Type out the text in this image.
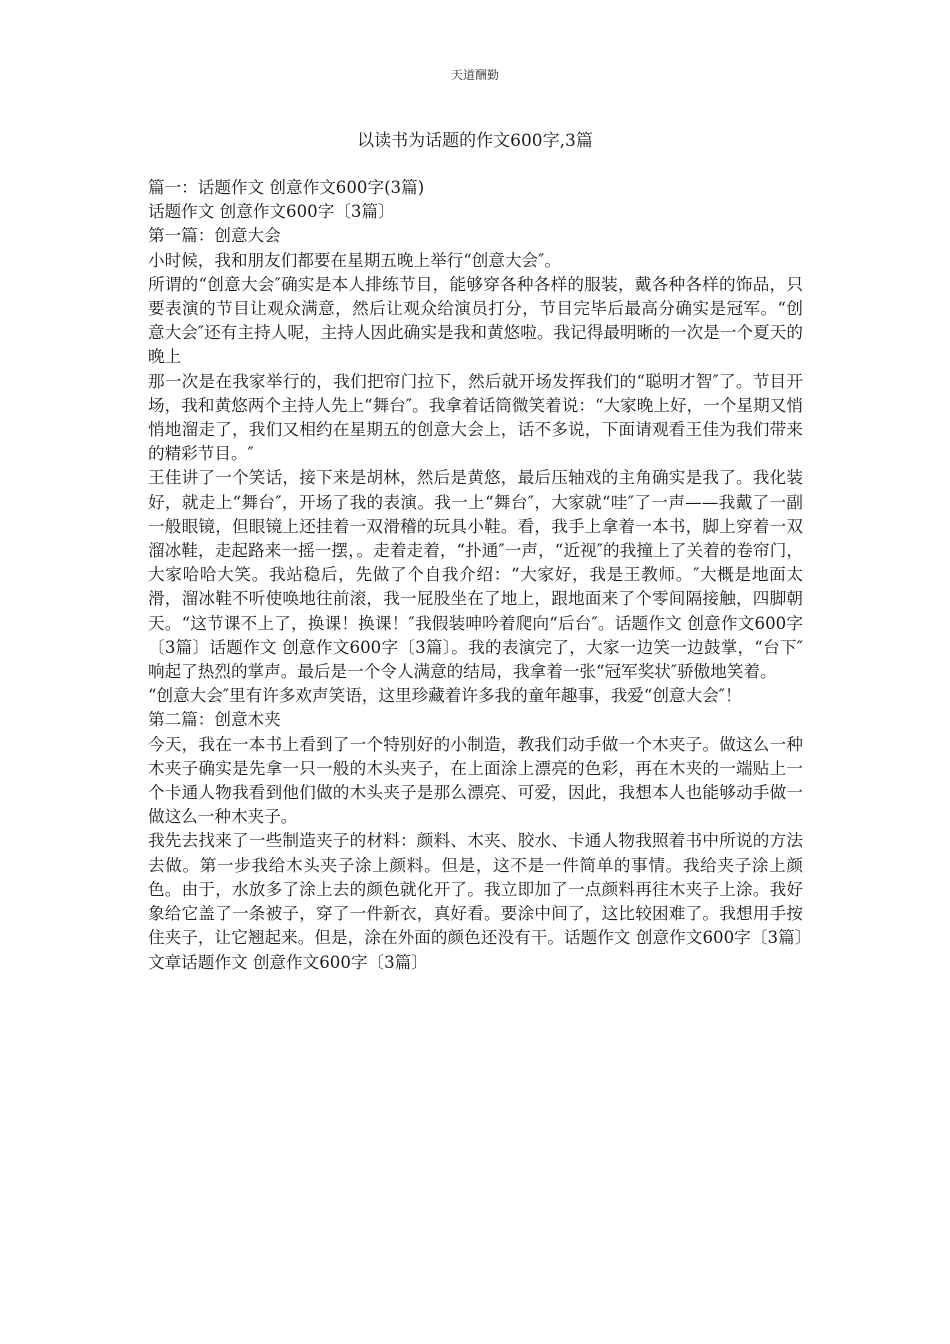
天道酬勤
以读书为话题的作文600字,3篇

篇一：话题作文 创意作文600字(3篇)

话题作文 创意作文600字〔3篇〕

第一篇：创意大会

小时候，我和朋友们都要在星期五晚上举行“创意大会″。

所谓的“创意大会″确实是本人排练节目，能够穿各种各样的服装，戴各种各样的饰品，只要表演的节目让观众满意，然后让观众给演员打分，节目完毕后最高分确实是冠军。“创意大会″还有主持人呢，主持人因此确实是我和黄悠啦。我记得最明晰的一次是一个夏天的晚上

那一次是在我家举行的，我们把帘门拉下，然后就开场发挥我们的“聪明才智″了。节目开场，我和黄悠两个主持人先上“舞台″。我拿着话筒微笑着说：“大家晚上好，一个星期又悄悄地溜走了，我们又相约在星期五的创意大会上，话不多说，下面请观看王佳为我们带来的精彩节目。″

王佳讲了一个笑话，接下来是胡林，然后是黄悠，最后压轴戏的主角确实是我了。我化装好，就走上“舞台″，开场了我的表演。我一上“舞台″，大家就“哇″了一声——我戴了一副一般眼镜，但眼镜上还挂着一双滑稽的玩具小鞋。看，我手上拿着一本书，脚上穿着一双溜冰鞋，走起路来一摇一摆，。走着走着，“扑通″一声，“近视″的我撞上了关着的卷帘门，大家哈哈大笑。我站稳后，先做了个自我介绍：“大家好，我是王教师。″大概是地面太滑，溜冰鞋不听使唤地往前滚，我一屁股坐在了地上，跟地面来了个零间隔接触，四脚朝天。“这节课不上了，换课！换课！″我假装呻吟着爬向“后台″。话题作文 创意作文600字〔3篇〕话题作文 创意作文600字〔3篇〕。我的表演完了，大家一边笑一边鼓掌，“台下″响起了热烈的掌声。最后是一个令人满意的结局，我拿着一张“冠军奖状″骄傲地笑着。

“创意大会″里有许多欢声笑语，这里珍藏着许多我的童年趣事，我爱“创意大会″！

第二篇：创意木夹

今天，我在一本书上看到了一个特别好的小制造，教我们动手做一个木夹子。做这么一种木夹子确实是先拿一只一般的木头夹子，在上面涂上漂亮的色彩，再在木夹的一端贴上一个卡通人物我看到他们做的木头夹子是那么漂亮、可爱，因此，我想本人也能够动手做一做这么一种木夹子。

我先去找来了一些制造夹子的材料：颜料、木夹、胶水、卡通人物我照着书中所说的方法去做。第一步我给木头夹子涂上颜料。但是，这不是一件简单的事情。我给夹子涂上颜色。由于，水放多了涂上去的颜色就化开了。我立即加了一点颜料再往木夹子上涂。我好象给它盖了一条被子，穿了一件新衣，真好看。要涂中间了，这比较困难了。我想用手按住夹子，让它翘起来。但是，涂在外面的颜色还没有干。话题作文 创意作文600字〔3篇〕文章话题作文 创意作文600字〔3篇〕
